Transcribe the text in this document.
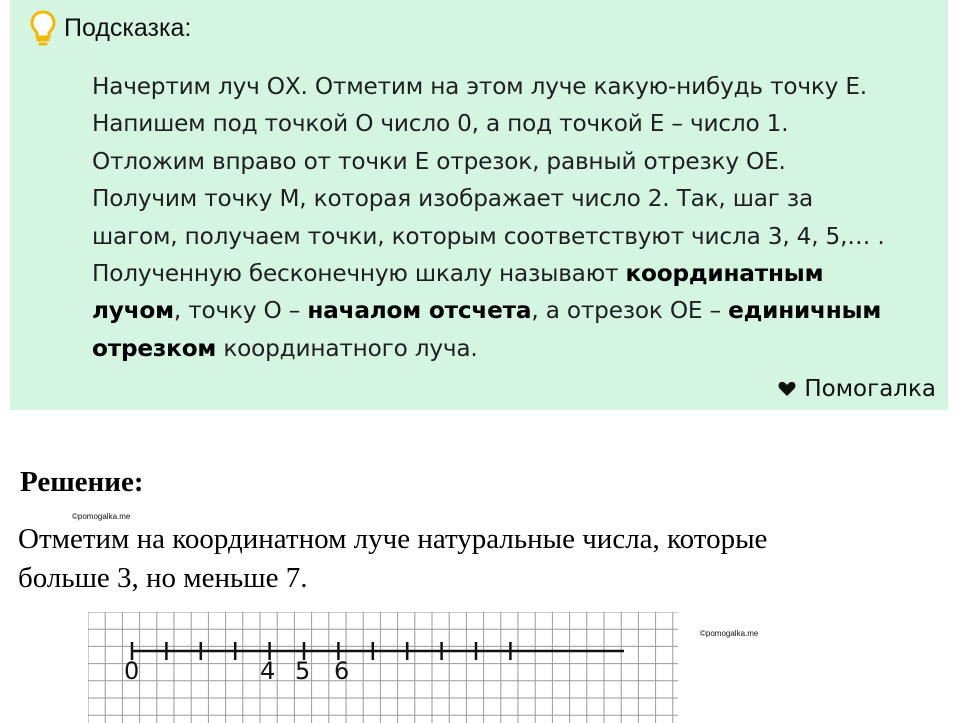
Подсказка:
Начертим луч ОХ. Отметим на этом луче какую-нибудь точку Е.
Напишем под точкой О число 0, а под точкой Е – число 1.
Отложим вправо от точки Е отрезок, равный отрезку ОЕ.
Получим точку М, которая изображает число 2. Так, шаг за
шагом, получаем точки, которым соответствуют числа 3, 4, 5,… .
Полученную бесконечную шкалу называют координатным
лучом, точку О – началом отсчета, а отрезок ОЕ – единичным
отрезком координатного луча.
Помогалка
Решение:
©pomogalka.me
Отметим на координатном луче натуральные числа, которые
больше 3, но меньше 7.
©pomogalka.me
0	4 5 6
